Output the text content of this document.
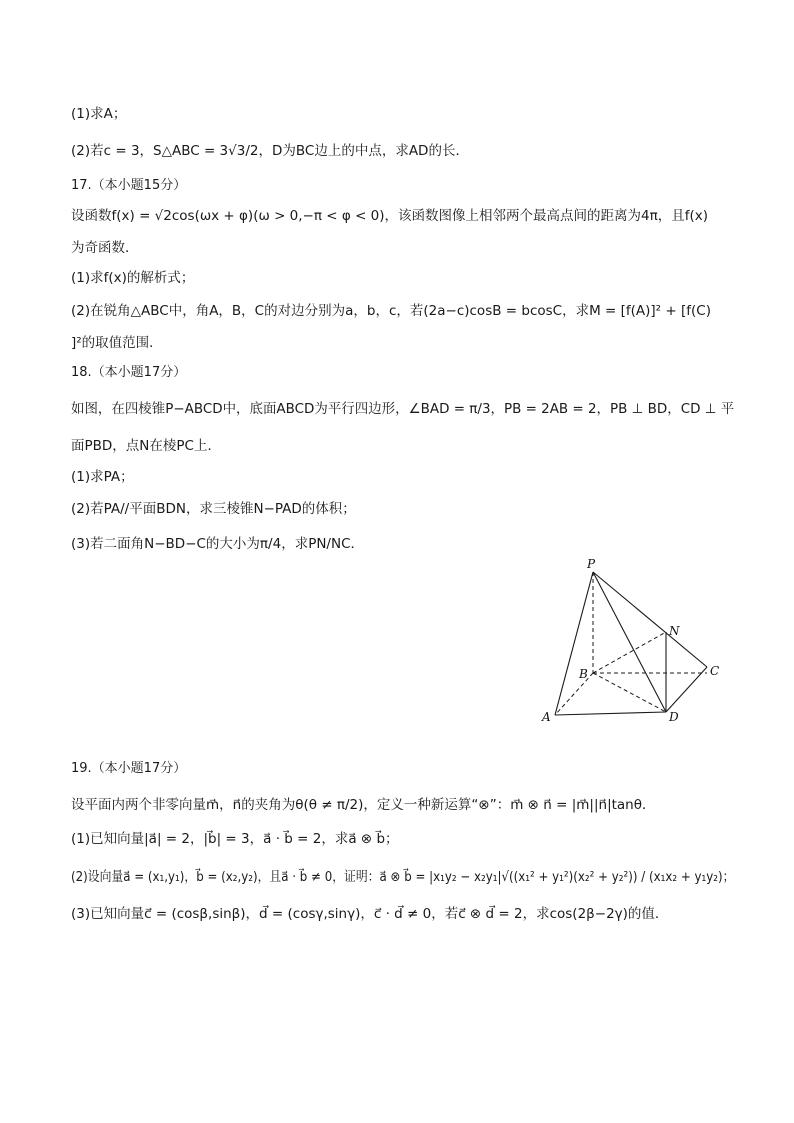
(1)求A；
(2)若c = 3，S△ABC = 3√3/2，D为BC边上的中点，求AD的长．
17.（本小题15分）
设函数f(x) = √2cos(ωx + φ)(ω > 0,−π < φ < 0)，该函数图像上相邻两个最高点间的距离为4π，且f(x)
为奇函数．
(1)求f(x)的解析式；
(2)在锐角△ABC中，角A，B，C的对边分别为a，b，c，若(2a−c)cosB = bcosC，求M = [f(A)]² + [f(C)
]²的取值范围．
18.（本小题17分）
如图，在四棱锥P−ABCD中，底面ABCD为平行四边形，∠BAD = π/3，PB = 2AB = 2，PB ⊥ BD，CD ⊥ 平
面PBD，点N在棱PC上．
(1)求PA；
(2)若PA//平面BDN，求三棱锥N−PAD的体积；
(3)若二面角N−BD−C的大小为π/4，求PN/NC．
P
N
B	C
A	D
19.（本小题17分）
设平面内两个非零向量m⃗，n⃗的夹角为θ(θ ≠ π/2)，定义一种新运算“⊗”：m⃗ ⊗ n⃗ = |m⃗||n⃗|tanθ．
(1)已知向量|a⃗| = 2，|b⃗| = 3，a⃗ · b⃗ = 2，求a⃗ ⊗ b⃗；
(2)设向量a⃗ = (x₁,y₁)，b⃗ = (x₂,y₂)，且a⃗ · b⃗ ≠ 0，证明：a⃗ ⊗ b⃗ = |x₁y₂ − x₂y₁|√((x₁² + y₁²)(x₂² + y₂²)) / (x₁x₂ + y₁y₂)；
(3)已知向量c⃗ = (cosβ,sinβ)，d⃗ = (cosγ,sinγ)，c⃗ · d⃗ ≠ 0，若c⃗ ⊗ d⃗ = 2，求cos(2β−2γ)的值．
